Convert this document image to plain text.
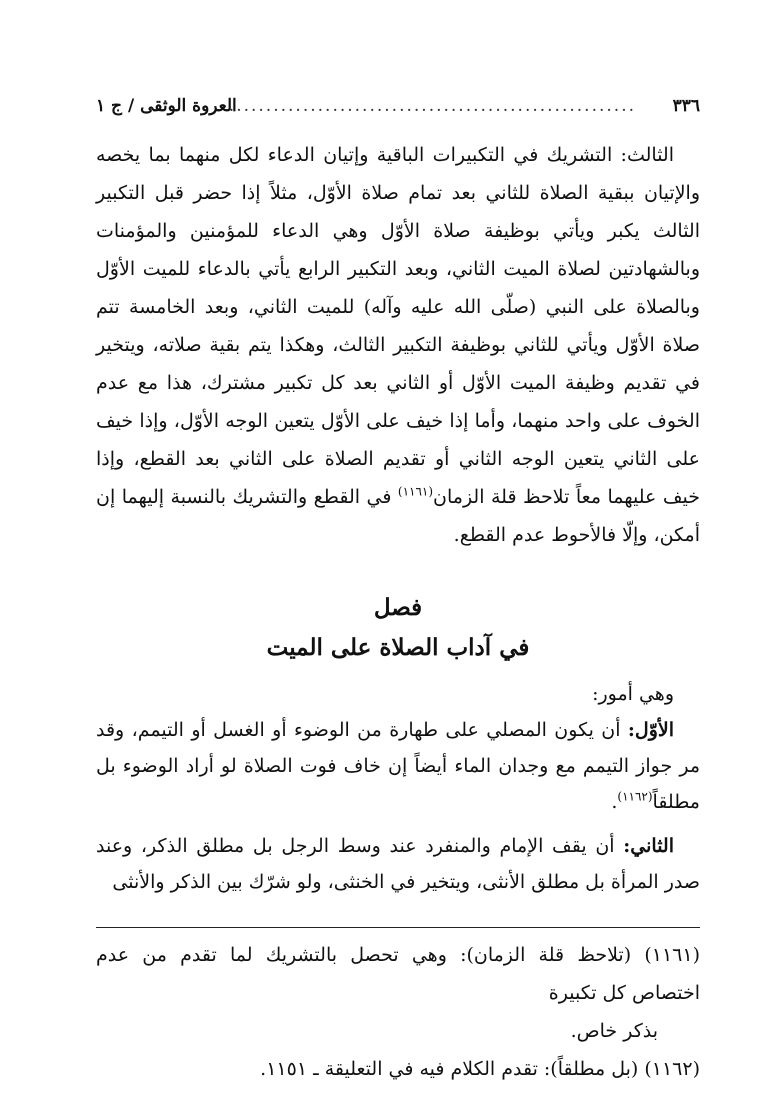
٣٣٦
.....
العروة الوثقى / ج ١

الثالث: التشريك في التكبيرات الباقية وإتيان الدعاء لكل منهما بما يخصه والإتيان ببقية الصلاة للثاني بعد تمام صلاة الأوّل، مثلاً إذا حضر قبل التكبير الثالث يكبر ويأتي بوظيفة صلاة الأوّل وهي الدعاء للمؤمنين والمؤمنات وبالشهادتين لصلاة الميت الثاني، وبعد التكبير الرابع يأتي بالدعاء للميت الأوّل وبالصلاة على النبي (صلّى الله عليه وآله) للميت الثاني، وبعد الخامسة تتم صلاة الأوّل ويأتي للثاني بوظيفة التكبير الثالث، وهكذا يتم بقية صلاته، ويتخير في تقديم وظيفة الميت الأوّل أو الثاني بعد كل تكبير مشترك، هذا مع عدم الخوف على واحد منهما، وأما إذا خيف على الأوّل يتعين الوجه الأوّل، وإذا خيف على الثاني يتعين الوجه الثاني أو تقديم الصلاة على الثاني بعد القطع، وإذا خيف عليهما معاً تلاحظ قلة الزمان$^{(١١٦١)}$ في القطع والتشريك بالنسبة إليهما إن أمكن، وإلّا فالأحوط عدم القطع.

فصل
في آداب الصلاة على الميت

وهي أمور:

الأوّل: أن يكون المصلي على طهارة من الوضوء أو الغسل أو التيمم، وقد مر جواز التيمم مع وجدان الماء أيضاً إن خاف فوت الصلاة لو أراد الوضوء بل مطلقاً$^{(١١٦٢)}$.

الثاني: أن يقف الإمام والمنفرد عند وسط الرجل بل مطلق الذكر، وعند صدر المرأة بل مطلق الأنثى، ويتخير في الخنثى، ولو شرّك بين الذكر والأنثى

(١١٦١) (تلاحظ قلة الزمان): وهي تحصل بالتشريك لما تقدم من عدم اختصاص كل تكبيرة

بذكر خاص.

(١١٦٢) (بل مطلقاً): تقدم الكلام فيه في التعليقة ـ ١١٥١.
